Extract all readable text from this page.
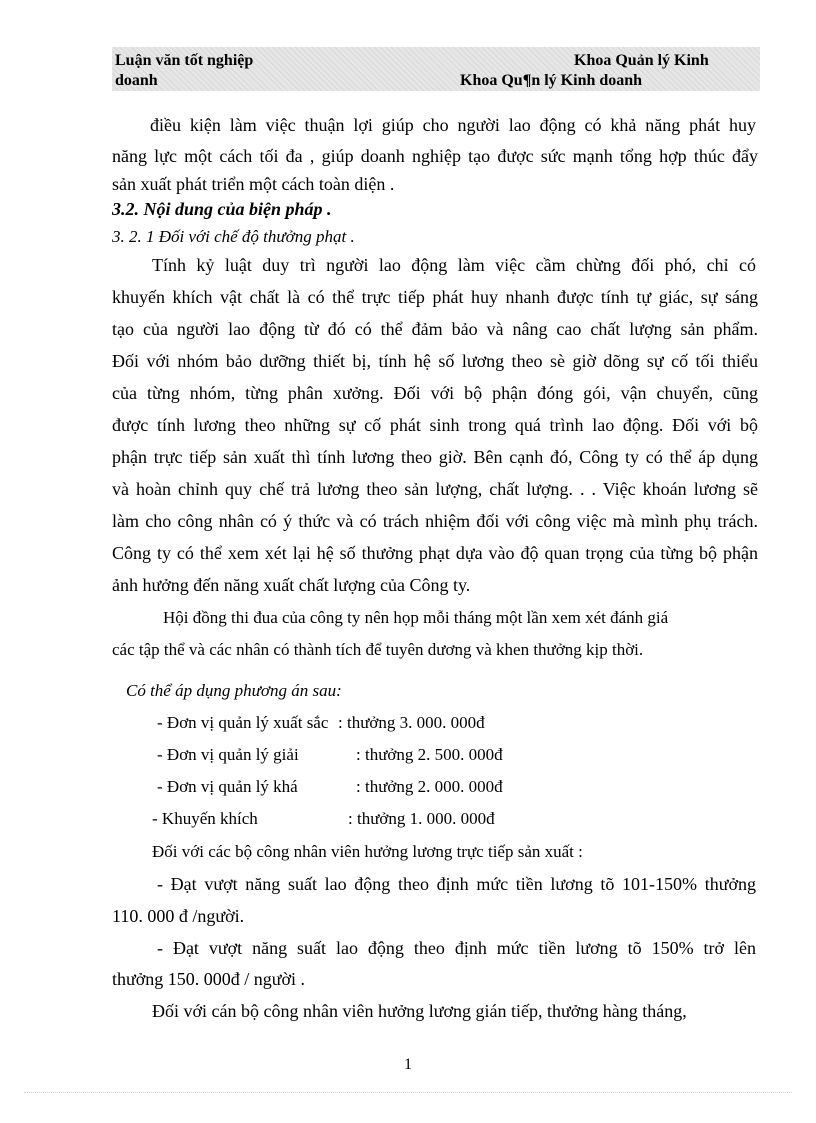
Luận văn tốt nghiệp
doanh
Khoa Quản lý Kinh
Khoa Qu¶n lý Kinh doanh
điều kiện làm việc thuận lợi giúp cho người lao động có khả năng phát huy
năng lực một cách tối đa , giúp doanh nghiệp tạo được sức mạnh tổng hợp thúc đẩy
sản xuất phát triển một cách toàn diện .
3.2. Nội dung của biện pháp .
3. 2. 1 Đối với chế độ thưởng phạt .
Tính kỷ luật duy trì người lao động làm việc cầm chừng đối phó, chỉ có
khuyến khích vật chất là có thể trực tiếp phát huy nhanh được tính tự giác, sự sáng
tạo của người lao động từ đó có thể đảm bảo và nâng cao chất lượng sản phẩm.
Đối với nhóm bảo dưỡng thiết bị, tính hệ số lương theo sè giờ dõng sự cố tối thiểu
của từng nhóm, từng phân xưởng. Đối với bộ phận đóng gói, vận chuyển, cũng
được tính lương theo những sự cố phát sinh trong quá trình lao động. Đối với bộ
phận trực tiếp sản xuất thì tính lương theo giờ. Bên cạnh đó, Công ty có thể áp dụng
và hoàn chỉnh quy chế trả lương theo sản lượng, chất lượng. . . Việc khoán lương sẽ
làm cho công nhân có ý thức và có trách nhiệm đối với công việc mà mình phụ trách.
Công ty có thể xem xét lại hệ số thưởng phạt dựa vào độ quan trọng của từng bộ phận
ảnh hưởng đến năng xuất chất lượng của Công ty.
Hội đồng thi đua của công ty nên họp mỗi tháng một lần xem xét đánh giá
các tập thể và các nhân có thành tích để tuyên dương và khen thưởng kịp thời.
Có thể áp dụng phương án sau:
- Đơn vị quản lý xuất sắc : thưởng 3. 000. 000đ
- Đơn vị quản lý giải	: thưởng 2. 500. 000đ
- Đơn vị quản lý khá	: thưởng 2. 000. 000đ
- Khuyến khích	: thưởng 1. 000. 000đ
Đối với các bộ công nhân viên hưởng lương trực tiếp sản xuất :
- Đạt vượt năng suất lao động theo định mức tiền lương tõ 101-150% thưởng
110. 000 đ /người.
- Đạt vượt năng suất lao động theo định mức tiền lương tõ 150% trở lên
thưởng 150. 000đ / người .
Đối với cán bộ công nhân viên hưởng lương gián tiếp, thưởng hàng tháng,
1
